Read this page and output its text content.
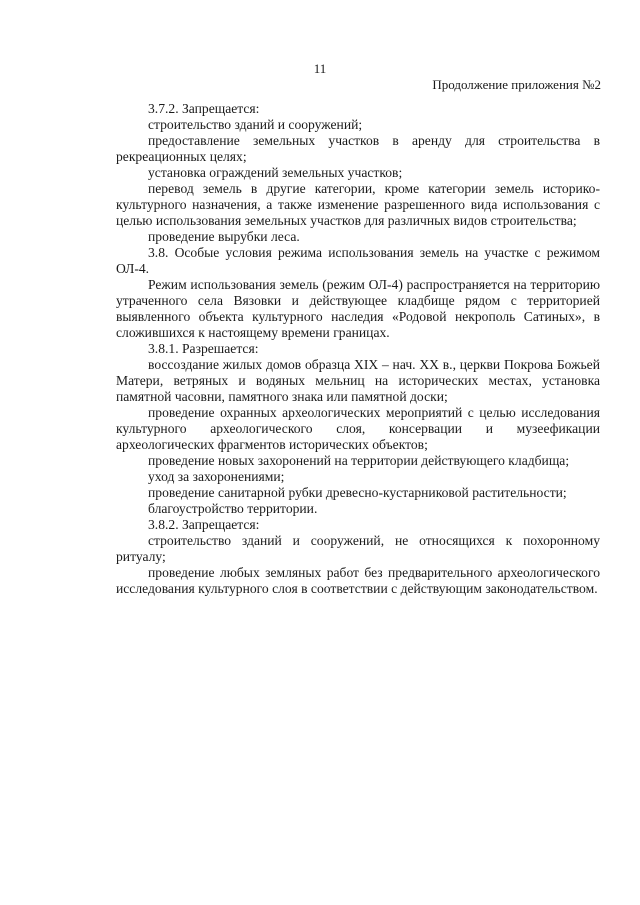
11
Продолжение приложения №2

3.7.2. Запрещается:

строительство зданий и сооружений;

предоставление земельных участков в аренду для строительства в рекреационных целях;

установка ограждений земельных участков;

перевод земель в другие категории, кроме категории земель историко-культурного назначения, а также изменение разрешенного вида использования с целью использования земельных участков для различных видов строительства;

проведение вырубки леса.

3.8. Особые условия режима использования земель на участке с режимом ОЛ-4.

Режим использования земель (режим ОЛ-4) распространяется на территорию утраченного села Вязовки и действующее кладбище рядом с территорией выявленного объекта культурного наследия «Родовой некрополь Сатиных», в сложившихся к настоящему времени границах.

3.8.1. Разрешается:

воссоздание жилых домов образца XIX – нач. XX в., церкви Покрова Божьей Матери, ветряных и водяных мельниц на исторических местах, установка памятной часовни, памятного знака или памятной доски;

проведение охранных археологических мероприятий с целью исследования культурного археологического слоя, консервации и музеефикации археологических фрагментов исторических объектов;

проведение новых захоронений на территории действующего кладбища;

уход за захоронениями;

проведение санитарной рубки древесно-кустарниковой растительности;

благоустройство территории.

3.8.2. Запрещается:

строительство зданий и сооружений, не относящихся к похоронному ритуалу;

проведение любых земляных работ без предварительного археологического исследования культурного слоя в соответствии с действующим законодательством.
